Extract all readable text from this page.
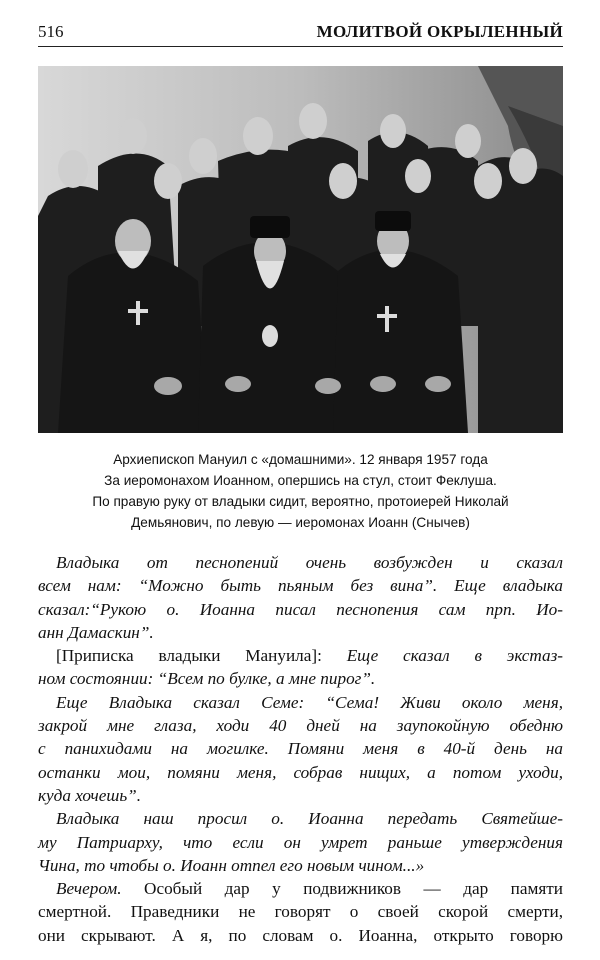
516	МОЛИТВОЙ ОКРЫЛЕННЫЙ
Архиепископ Мануил с «домашними». 12 января 1957 года
За иеромонахом Иоанном, опершись на стул, стоит Феклуша.
По правую руку от владыки сидит, вероятно, протоиерей Николай
Демьянович, по левую — иеромонах Иоанн (Снычев)
Владыка от песнопений очень возбужден и сказал
всем нам: “Можно быть пьяным без вина”. Еще владыка
сказал:“Рукою о. Иоанна писал песнопения сам прп. Ио-
анн Дамаскин”.
[Приписка владыки Мануила]: Еще сказал в экстаз-
ном состоянии: “Всем по булке, а мне пирог”.
Еще Владыка сказал Семе: “Сема! Живи около меня,
закрой мне глаза, ходи 40 дней на заупокойную обедню
с панихидами на могилке. Помяни меня в 40-й день на
останки мои, помяни меня, собрав нищих, а потом уходи,
куда хочешь”.
Владыка наш просил о. Иоанна передать Святейше-
му Патриарху, что если он умрет раньше утверждения
Чина, то чтобы о. Иоанн отпел его новым чином...»
Вечером. Особый дар у подвижников — дар памяти
смертной. Праведники не говорят о своей скорой смерти,
они скрывают. А я, по словам о. Иоанна, открыто говорю
